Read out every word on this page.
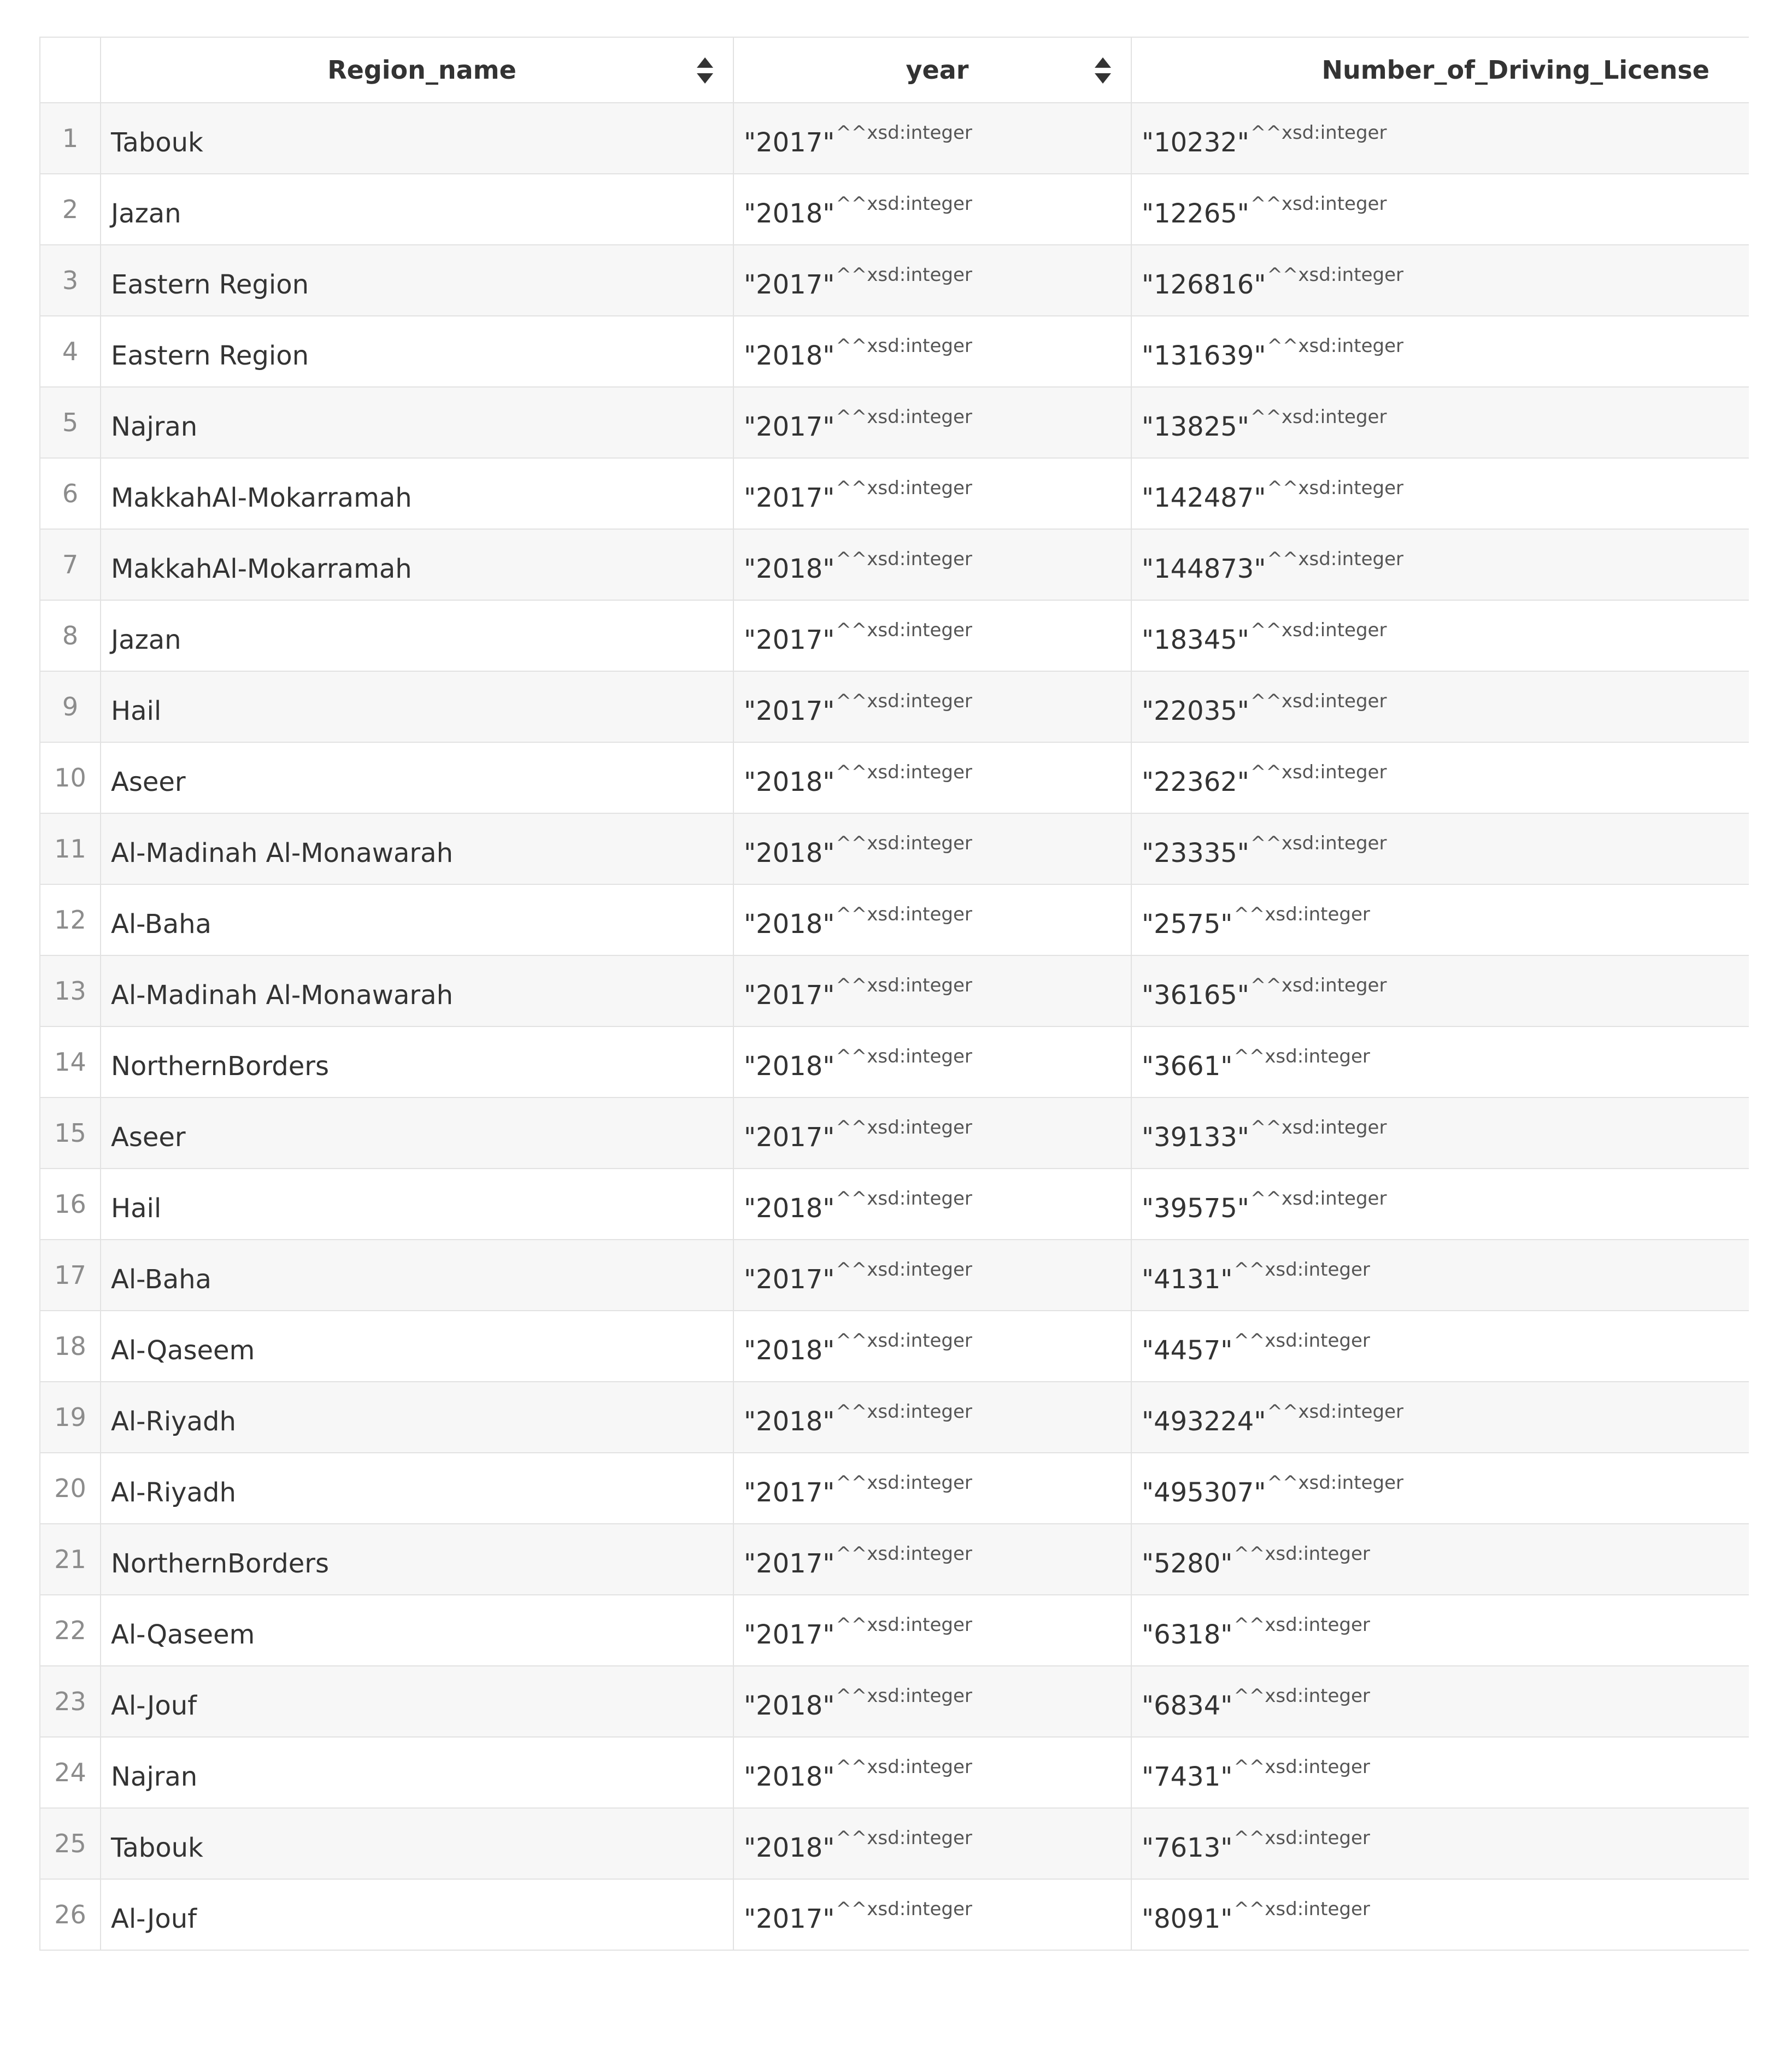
Region_name	year	Number_of_Driving_License
1 Tabouk	"2017" ^^xsd:integer	"10232" ^^xsd:integer
2 Jazan	"2018" ^^xsd:integer	"12265" ^^xsd:integer
3 Eastern Region	"2017" ^^xsd:integer	"126816" ^^xsd:integer
4 Eastern Region	"2018" ^^xsd:integer	"131639" ^^xsd:integer
5 Najran	"2017" ^^xsd:integer	"13825" ^^xsd:integer
6 MakkahAl-Mokarramah	"2017" ^^xsd:integer	"142487" ^^xsd:integer
7 MakkahAl-Mokarramah	"2018" ^^xsd:integer	"144873" ^^xsd:integer
8 Jazan	"2017" ^^xsd:integer	"18345" ^^xsd:integer
9 Hail	"2017" ^^xsd:integer	"22035" ^^xsd:integer
10 Aseer	"2018" ^^xsd:integer	"22362" ^^xsd:integer
11 Al-Madinah Al-Monawarah	"2018" ^^xsd:integer	"23335" ^^xsd:integer
12 Al-Baha	"2018" ^^xsd:integer	"2575" ^^xsd:integer
13 Al-Madinah Al-Monawarah	"2017" ^^xsd:integer	"36165" ^^xsd:integer
14 NorthernBorders	"2018" ^^xsd:integer	"3661" ^^xsd:integer
15 Aseer	"2017" ^^xsd:integer	"39133" ^^xsd:integer
16 Hail	"2018" ^^xsd:integer	"39575" ^^xsd:integer
17 Al-Baha	"2017" ^^xsd:integer	"4131" ^^xsd:integer
18 Al-Qaseem	"2018" ^^xsd:integer	"4457" ^^xsd:integer
19 Al-Riyadh	"2018" ^^xsd:integer	"493224" ^^xsd:integer
20 Al-Riyadh	"2017" ^^xsd:integer	"495307" ^^xsd:integer
21 NorthernBorders	"2017" ^^xsd:integer	"5280" ^^xsd:integer
22 Al-Qaseem	"2017" ^^xsd:integer	"6318" ^^xsd:integer
23 Al-Jouf	"2018" ^^xsd:integer	"6834" ^^xsd:integer
24 Najran	"2018" ^^xsd:integer	"7431" ^^xsd:integer
25 Tabouk	"2018" ^^xsd:integer	"7613" ^^xsd:integer
26 Al-Jouf	"2017" ^^xsd:integer	"8091" ^^xsd:integer
